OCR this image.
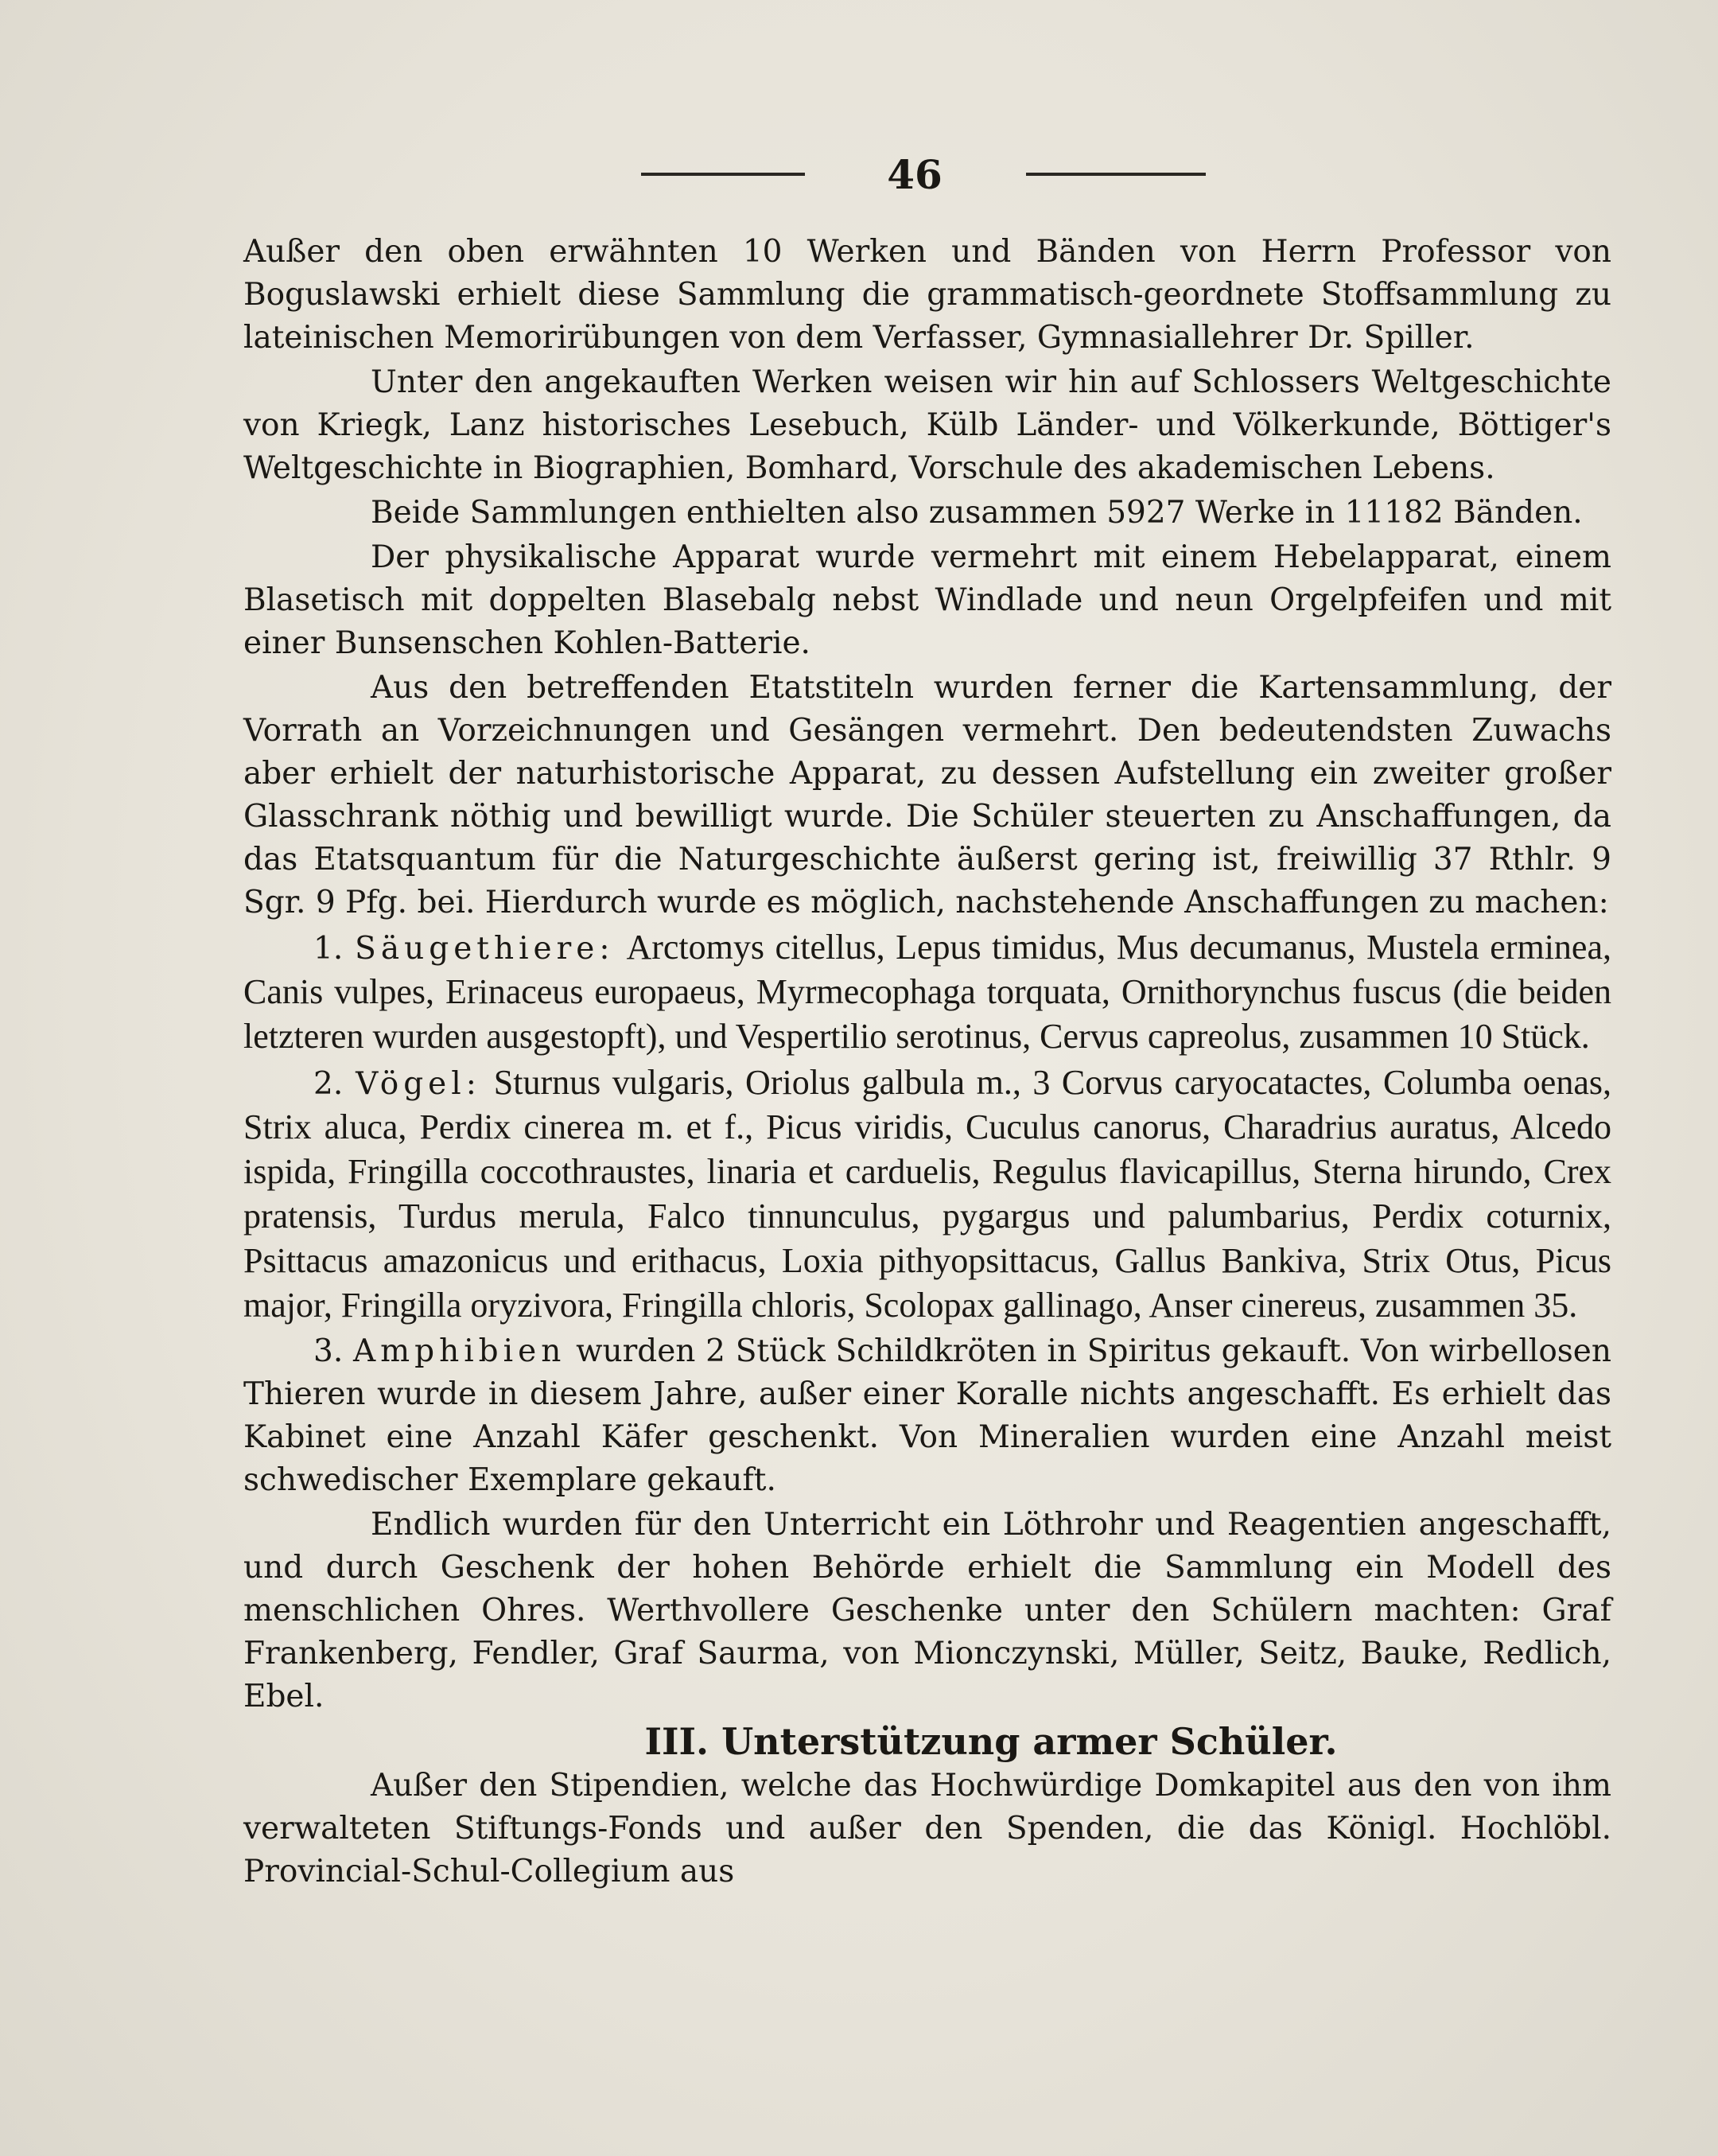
46

Außer den oben erwähnten 10 Werken und Bänden von Herrn Professor von Boguslawski erhielt diese Sammlung die grammatisch-geordnete Stoffsammlung zu lateinischen Memorirübungen von dem Verfasser, Gymnasiallehrer Dr. Spiller.

Unter den angekauften Werken weisen wir hin auf Schlossers Weltgeschichte von Kriegk, Lanz historisches Lesebuch, Külb Länder- und Völkerkunde, Böttiger's Weltgeschichte in Biographien, Bomhard, Vorschule des akademischen Lebens.

Beide Sammlungen enthielten also zusammen 5927 Werke in 11182 Bänden.

Der physikalische Apparat wurde vermehrt mit einem Hebelapparat, einem Blasetisch mit doppelten Blasebalg nebst Windlade und neun Orgelpfeifen und mit einer Bunsenschen Kohlen-Batterie.

Aus den betreffenden Etatstiteln wurden ferner die Kartensammlung, der Vorrath an Vorzeichnungen und Gesängen vermehrt. Den bedeutendsten Zuwachs aber erhielt der naturhistorische Apparat, zu dessen Aufstellung ein zweiter großer Glasschrank nöthig und bewilligt wurde. Die Schüler steuerten zu Anschaffungen, da das Etatsquantum für die Naturgeschichte äußerst gering ist, freiwillig 37 Rthlr. 9 Sgr. 9 Pfg. bei. Hierdurch wurde es möglich, nachstehende Anschaffungen zu machen:

1. Säugethiere: Arctomys citellus, Lepus timidus, Mus decumanus, Mustela erminea, Canis vulpes, Erinaceus europaeus, Myrmecophaga torquata, Ornithorynchus fuscus (die beiden letzteren wurden ausgestopft), und Vespertilio serotinus, Cervus capreolus, zusammen 10 Stück.

2. Vögel: Sturnus vulgaris, Oriolus galbula m., 3 Corvus caryocatactes, Columba oenas, Strix aluca, Perdix cinerea m. et f., Picus viridis, Cuculus canorus, Charadrius auratus, Alcedo ispida, Fringilla coccothraustes, linaria et carduelis, Regulus flavicapillus, Sterna hirundo, Crex pratensis, Turdus merula, Falco tinnunculus, pygargus und palumbarius, Perdix coturnix, Psittacus amazonicus und erithacus, Loxia pithyopsittacus, Gallus Bankiva, Strix Otus, Picus major, Fringilla oryzivora, Fringilla chloris, Scolopax gallinago, Anser cinereus, zusammen 35.

3. Amphibien wurden 2 Stück Schildkröten in Spiritus gekauft. Von wirbellosen Thieren wurde in diesem Jahre, außer einer Koralle nichts angeschafft. Es erhielt das Kabinet eine Anzahl Käfer geschenkt. Von Mineralien wurden eine Anzahl meist schwedischer Exemplare gekauft.

Endlich wurden für den Unterricht ein Löthrohr und Reagentien angeschafft, und durch Geschenk der hohen Behörde erhielt die Sammlung ein Modell des menschlichen Ohres. Werthvollere Geschenke unter den Schülern machten: Graf Frankenberg, Fendler, Graf Saurma, von Mionczynski, Müller, Seitz, Bauke, Redlich, Ebel.

III. Unterstützung armer Schüler.

Außer den Stipendien, welche das Hochwürdige Domkapitel aus den von ihm verwalteten Stiftungs-Fonds und außer den Spenden, die das Königl. Hochlöbl. Provincial-Schul-Collegium aus
